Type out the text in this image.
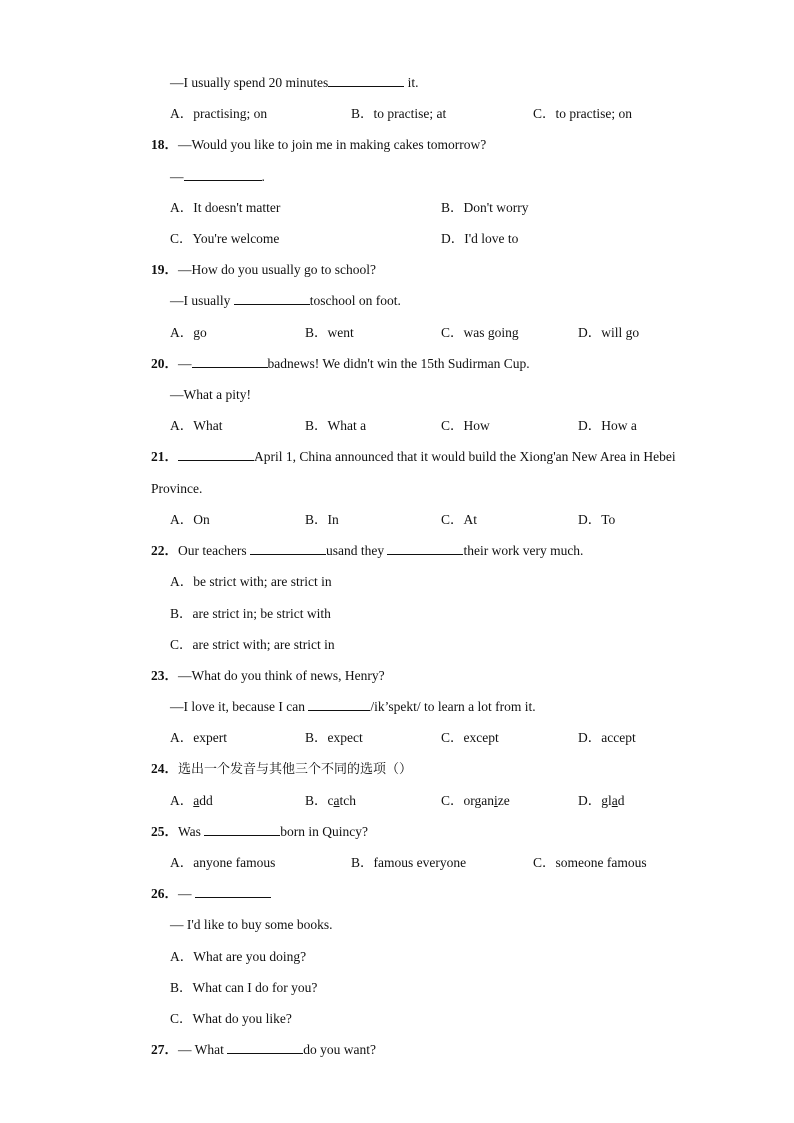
—I usually spend 20 minutes	it.
A．practising; on	B．to practise; at	C．to practise; on
18．—Would you like to join me in making cakes tomorrow?
—	.
A．It doesn't matter	B．Don't worry
C．You're welcome	D．I'd love to
19．—How do you usually go to school?
—I usually	toschool on foot.
A．go	B．went	C．was going	D．will go
20．—	badnews! We didn't win the 15th Sudirman Cup.
—What a pity!
A．What	B．What a	C．How	D．How a
21．	April 1, China announced that it would build the Xiong'an New Area in Hebei
Province.
A．On	B．In	C．At	D．To
22．Our teachers	usand they	their work very much.
A．be strict with; are strict in
B．are strict in; be strict with
C．are strict with; are strict in
23．—What do you think of news, Henry?
—I love it, because I can	/ik’spekt/ to learn a lot from it.
A．expert	B．expect	C．except	D．accept
24．选出一个发音与其他三个不同的选项（）
A．add	B．catch	C．organize	D．glad
25．Was	born in Quincy?
A．anyone famous	B．famous everyone	C．someone famous
26．—
— I'd like to buy some books.
A．What are you doing?
B．What can I do for you?
C．What do you like?
27．— What	do you want?
